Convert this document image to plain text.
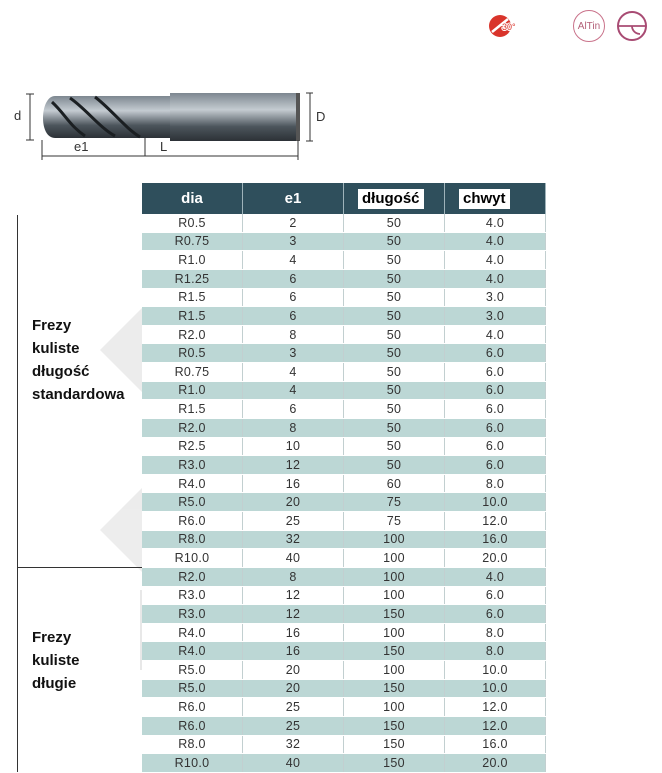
30°	AlTin
d	D
e1	L
dia	e1	długość	chwyt
R0.5	2	50	4.0
R0.75	3	50	4.0
R1.0	4	50	4.0
R1.25	6	50	4.0
R1.5	6	50	3.0
R1.5	6	50	3.0
R2.0	8	50	4.0
R0.5	3	50	6.0
R0.75	4	50	6.0
R1.0	4	50	6.0
R1.5	6	50	6.0
R2.0	8	50	6.0
R2.5	10	50	6.0
R3.0	12	50	6.0
R4.0	16	60	8.0
R5.0	20	75	10.0
R6.0	25	75	12.0
R8.0	32	100	16.0
R10.0	40	100	20.0
R2.0	8	100	4.0
R3.0	12	100	6.0
R3.0	12	150	6.0
R4.0	16	100	8.0
R4.0	16	150	8.0
R5.0	20	100	10.0
R5.0	20	150	10.0
R6.0	25	100	12.0
R6.0	25	150	12.0
R8.0	32	150	16.0
R10.0	40	150	20.0
Frezy
kuliste
długość
standardowa
Frezy
kuliste
długie
